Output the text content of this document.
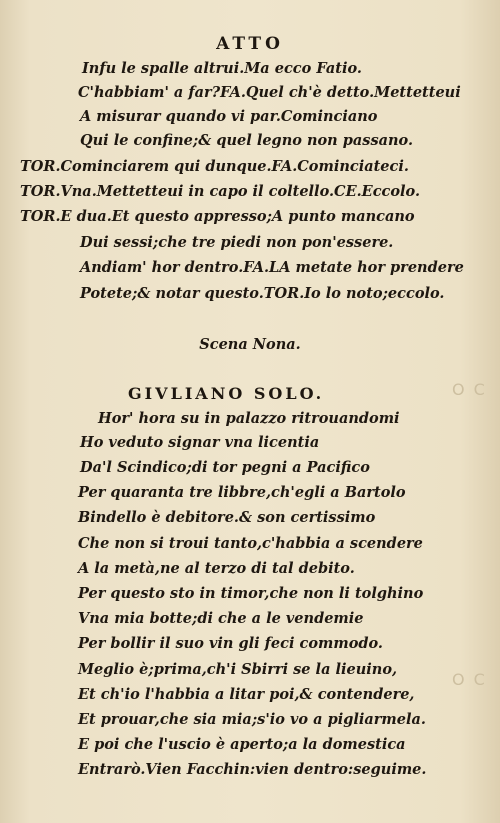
ATTO
O C
O C
Infu le spalle altrui.Ma ecco Fatio.
C'habbiam' a far?FA.Quel ch'è detto.Mettetteui
A misurar quando vi par.Cominciano
Qui le confine;& quel legno non passano.
TOR.Cominciarem qui dunque.FA.Cominciateci.
TOR.Vna.Mettetteui in capo il coltello.CE.Eccolo.
TOR.E dua.Et questo appresso;A punto mancano
Dui sessi;che tre piedi non pon'essere.
Andiam' hor dentro.FA.LA metate hor prendere
Potete;& notar questo.TOR.Io lo noto;eccolo.
Scena Nona.
GIVLIANO SOLO.
Hor' hora su in palazzo ritrouandomi
Ho veduto signar vna licentia
Da'l Scindico;di tor pegni a Pacifico
Per quaranta tre libbre,ch'egli a Bartolo
Bindello è debitore.& son certissimo
Che non si troui tanto,c'habbia a scendere
A la metà,ne al terzo di tal debito.
Per questo sto in timor,che non li tolghino
Vna mia botte;di che a le vendemie
Per bollir il suo vin gli feci commodo.
Meglio è;prima,ch'i Sbirri se la lieuino,
Et ch'io l'habbia a litar poi,& contendere,
Et prouar,che sia mia;s'io vo a pigliarmela.
E poi che l'uscio è aperto;a la domestica
Entrarò.Vien Facchin:vien dentro:seguime.
